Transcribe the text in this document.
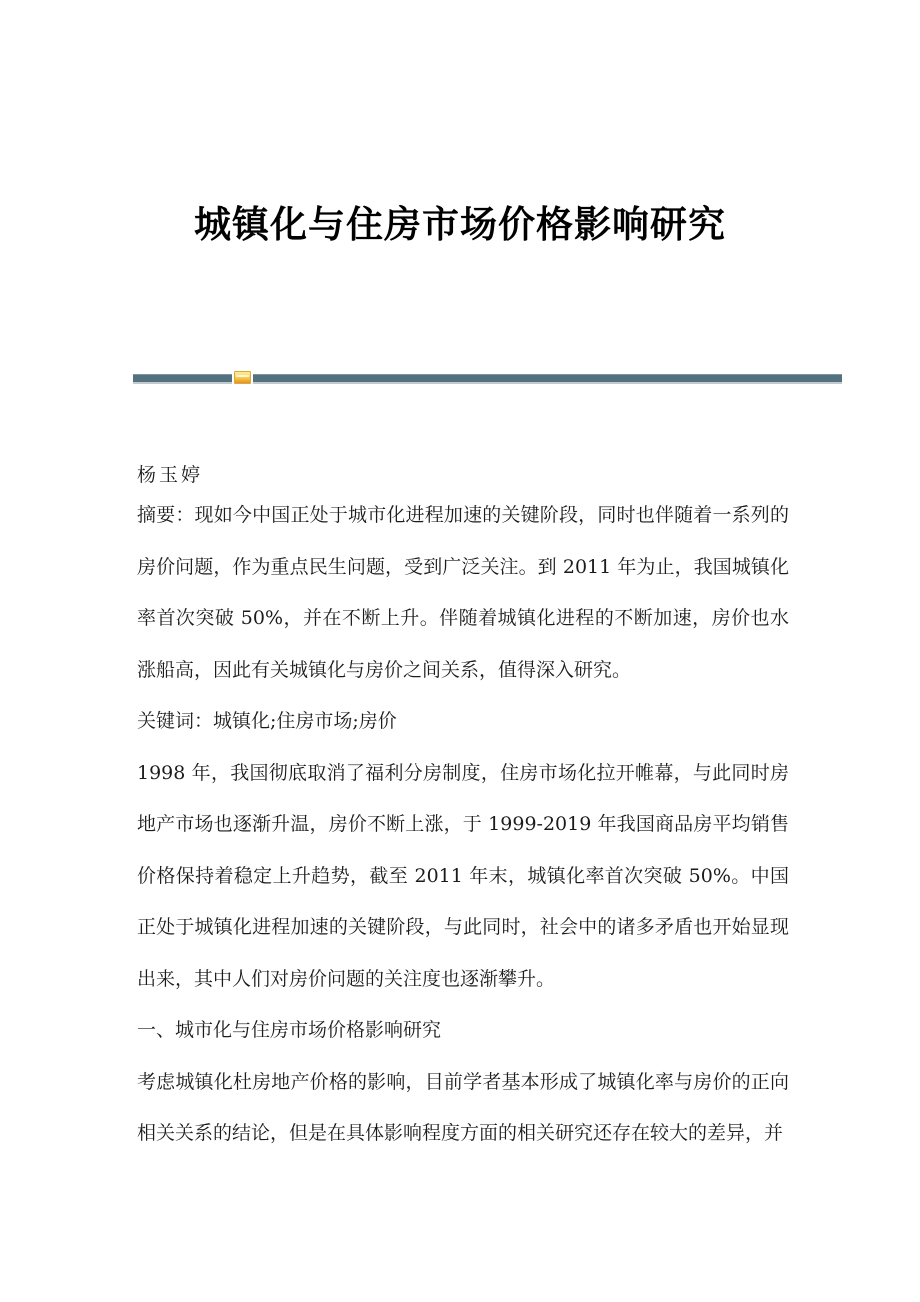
城镇化与住房市场价格影响研究

杨玉婷

摘要：现如今中国正处于城市化进程加速的关键阶段，同时也伴随着一系列的房价问题，作为重点民生问题，受到广泛关注。到 2011 年为止，我国城镇化率首次突破 50%，并在不断上升。伴随着城镇化进程的不断加速，房价也水涨船高，因此有关城镇化与房价之间关系，值得深入研究。

关键词：城镇化;住房市场;房价

1998 年，我国彻底取消了福利分房制度，住房市场化拉开帷幕，与此同时房地产市场也逐渐升温，房价不断上涨，于 1999-2019 年我国商品房平均销售价格保持着稳定上升趋势，截至 2011 年末，城镇化率首次突破 50%。中国正处于城镇化进程加速的关键阶段，与此同时，社会中的诸多矛盾也开始显现出来，其中人们对房价问题的关注度也逐渐攀升。

一、城市化与住房市场价格影响研究

考虑城镇化杜房地产价格的影响，目前学者基本形成了城镇化率与房价的正向相关关系的结论，但是在具体影响程度方面的相关研究还存在较大的差异，并
